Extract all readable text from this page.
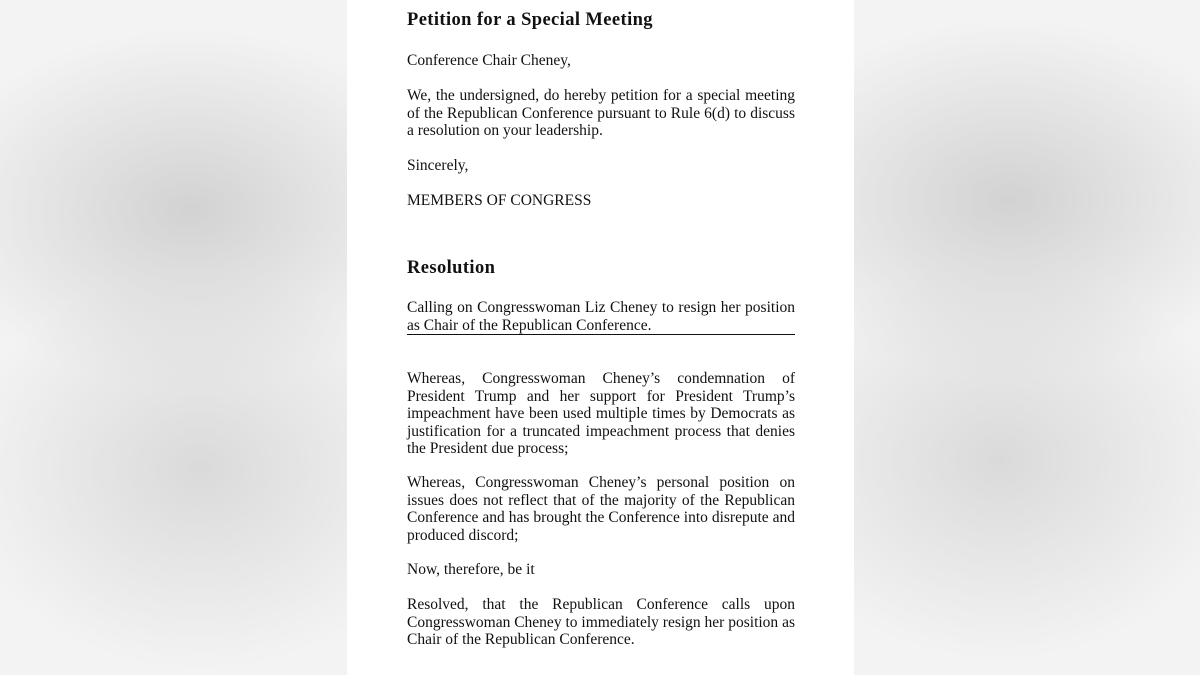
Petition for a Special Meeting
Conference Chair Cheney,
We, the undersigned, do hereby petition for a special meeting of the Republican Conference pursuant to Rule 6(d) to discuss a resolution on your leadership.
Sincerely,
MEMBERS OF CONGRESS
Resolution
Calling on Congresswoman Liz Cheney to resign her position as Chair of the Republican Conference.
Whereas, Congresswoman Cheney’s condemnation of President Trump and her support for President Trump’s impeachment have been used multiple times by Democrats as justification for a truncated impeachment process that denies the President due process;
Whereas, Congresswoman Cheney’s personal position on issues does not reflect that of the majority of the Republican Conference and has brought the Conference into disrepute and produced discord;
Now, therefore, be it
Resolved, that the Republican Conference calls upon Congresswoman Cheney to immediately resign her position as Chair of the Republican Conference.
